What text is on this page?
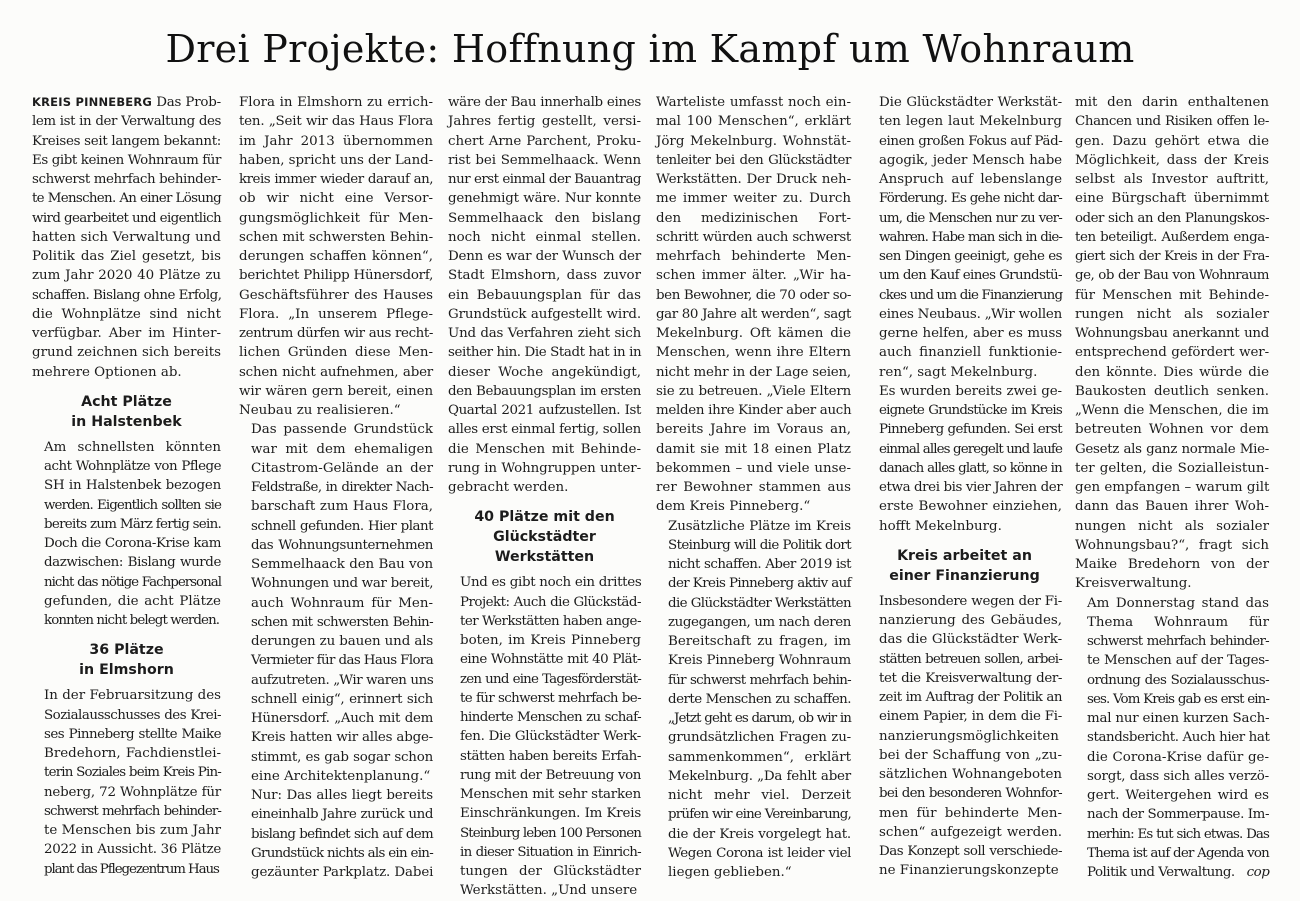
Drei Projekte: Hoffnung im Kampf um Wohnraum

KREIS PINNEBERG Das Prob-
lem ist in der Verwaltung des
Kreises seit langem bekannt:
Es gibt keinen Wohnraum für
schwerst mehrfach behinder-
te Menschen. An einer Lösung
wird gearbeitet und eigentlich
hatten sich Verwaltung und
Politik das Ziel gesetzt, bis
zum Jahr 2020 40 Plätze zu
schaffen. Bislang ohne Erfolg,
die Wohnplätze sind nicht
verfügbar. Aber im Hinter-
grund zeichnen sich bereits
mehrere Optionen ab.

Acht Plätze
in Halstenbek

Am schnellsten könnten
acht Wohnplätze von Pflege
SH in Halstenbek bezogen
werden. Eigentlich sollten sie
bereits zum März fertig sein.
Doch die Corona-Krise kam
dazwischen: Bislang wurde
nicht das nötige Fachpersonal
gefunden, die acht Plätze
konnten nicht belegt werden.

36 Plätze
in Elmshorn

In der Februarsitzung des
Sozialausschusses des Krei-
ses Pinneberg stellte Maike
Bredehorn, Fachdienstlei-
terin Soziales beim Kreis Pin-
neberg, 72 Wohnplätze für
schwerst mehrfach behinder-
te Menschen bis zum Jahr
2022 in Aussicht. 36 Plätze
plant das Pflegezentrum Haus

Flora in Elmshorn zu errich-
ten. „Seit wir das Haus Flora
im Jahr 2013 übernommen
haben, spricht uns der Land-
kreis immer wieder darauf an,
ob wir nicht eine Versor-
gungsmöglichkeit für Men-
schen mit schwersten Behin-
derungen schaffen können“,
berichtet Philipp Hünersdorf,
Geschäftsführer des Hauses
Flora. „In unserem Pflege-
zentrum dürfen wir aus recht-
lichen Gründen diese Men-
schen nicht aufnehmen, aber
wir wären gern bereit, einen
Neubau zu realisieren.“

Das passende Grundstück
war mit dem ehemaligen
Citastrom-Gelände an der
Feldstraße, in direkter Nach-
barschaft zum Haus Flora,
schnell gefunden. Hier plant
das Wohnungsunternehmen
Semmelhaack den Bau von
Wohnungen und war bereit,
auch Wohnraum für Men-
schen mit schwersten Behin-
derungen zu bauen und als
Vermieter für das Haus Flora
aufzutreten. „Wir waren uns
schnell einig“, erinnert sich
Hünersdorf. „Auch mit dem
Kreis hatten wir alles abge-
stimmt, es gab sogar schon
eine Architektenplanung.“

Nur: Das alles liegt bereits
eineinhalb Jahre zurück und
bislang befindet sich auf dem
Grundstück nichts als ein ein-
gezäunter Parkplatz. Dabei

wäre der Bau innerhalb eines
Jahres fertig gestellt, versi-
chert Arne Parchent, Proku-
rist bei Semmelhaack. Wenn
nur erst einmal der Bauantrag
genehmigt wäre. Nur konnte
Semmelhaack den bislang
noch nicht einmal stellen.
Denn es war der Wunsch der
Stadt Elmshorn, dass zuvor
ein Bebauungsplan für das
Grundstück aufgestellt wird.
Und das Verfahren zieht sich
seither hin. Die Stadt hat in in
dieser Woche angekündigt,
den Bebauungsplan im ersten
Quartal 2021 aufzustellen. Ist
alles erst einmal fertig, sollen
die Menschen mit Behinde-
rung in Wohngruppen unter-
gebracht werden.

40 Plätze mit den
Glückstädter Werkstätten

Und es gibt noch ein drittes
Projekt: Auch die Glückstäd-
ter Werkstätten haben ange-
boten, im Kreis Pinneberg
eine Wohnstätte mit 40 Plät-
zen und eine Tagesförderstät-
te für schwerst mehrfach be-
hinderte Menschen zu schaf-
fen. Die Glückstädter Werk-
stätten haben bereits Erfah-
rung mit der Betreuung von
Menschen mit sehr starken
Einschränkungen. Im Kreis
Steinburg leben 100 Personen
in dieser Situation in Einrich-
tungen der Glückstädter
Werkstätten. „Und unsere

Warteliste umfasst noch ein-
mal 100 Menschen“, erklärt
Jörg Mekelnburg. Wohnstät-
tenleiter bei den Glückstädter
Werkstätten. Der Druck neh-
me immer weiter zu. Durch
den medizinischen Fort-
schritt würden auch schwerst
mehrfach behinderte Men-
schen immer älter. „Wir ha-
ben Bewohner, die 70 oder so-
gar 80 Jahre alt werden“, sagt
Mekelnburg. Oft kämen die
Menschen, wenn ihre Eltern
nicht mehr in der Lage seien,
sie zu betreuen. „Viele Eltern
melden ihre Kinder aber auch
bereits Jahre im Voraus an,
damit sie mit 18 einen Platz
bekommen – und viele unse-
rer Bewohner stammen aus
dem Kreis Pinneberg.“

Zusätzliche Plätze im Kreis
Steinburg will die Politik dort
nicht schaffen. Aber 2019 ist
der Kreis Pinneberg aktiv auf
die Glückstädter Werkstätten
zugegangen, um nach deren
Bereitschaft zu fragen, im
Kreis Pinneberg Wohnraum
für schwerst mehrfach behin-
derte Menschen zu schaffen.
„Jetzt geht es darum, ob wir in
grundsätzlichen Fragen zu-
sammenkommen“, erklärt
Mekelnburg. „Da fehlt aber
nicht mehr viel. Derzeit
prüfen wir eine Vereinbarung,
die der Kreis vorgelegt hat.
Wegen Corona ist leider viel
liegen geblieben.“

Die Glückstädter Werkstät-
ten legen laut Mekelnburg
einen großen Fokus auf Päd-
agogik, jeder Mensch habe
Anspruch auf lebenslange
Förderung. Es gehe nicht dar-
um, die Menschen nur zu ver-
wahren. Habe man sich in die-
sen Dingen geeinigt, gehe es
um den Kauf eines Grundstü-
ckes und um die Finanzierung
eines Neubaus. „Wir wollen
gerne helfen, aber es muss
auch finanziell funktionie-
ren“, sagt Mekelnburg.

Es wurden bereits zwei ge-
eignete Grundstücke im Kreis
Pinneberg gefunden. Sei erst
einmal alles geregelt und laufe
danach alles glatt, so könne in
etwa drei bis vier Jahren der
erste Bewohner einziehen,
hofft Mekelnburg.

Kreis arbeitet an
einer Finanzierung

Insbesondere wegen der Fi-
nanzierung des Gebäudes,
das die Glückstädter Werk-
stätten betreuen sollen, arbei-
tet die Kreisverwaltung der-
zeit im Auftrag der Politik an
einem Papier, in dem die Fi-
nanzierungsmöglichkeiten
bei der Schaffung von „zu-
sätzlichen Wohnangeboten
bei den besonderen Wohnfor-
men für behinderte Men-
schen“ aufgezeigt werden.
Das Konzept soll verschiede-
ne Finanzierungskonzepte

mit den darin enthaltenen
Chancen und Risiken offen le-
gen. Dazu gehört etwa die
Möglichkeit, dass der Kreis
selbst als Investor auftritt,
eine Bürgschaft übernimmt
oder sich an den Planungskos-
ten beteiligt. Außerdem enga-
giert sich der Kreis in der Fra-
ge, ob der Bau von Wohnraum
für Menschen mit Behinde-
rungen nicht als sozialer
Wohnungsbau anerkannt und
entsprechend gefördert wer-
den könnte. Dies würde die
Baukosten deutlich senken.
„Wenn die Menschen, die im
betreuten Wohnen vor dem
Gesetz als ganz normale Mie-
ter gelten, die Sozialleistun-
gen empfangen – warum gilt
dann das Bauen ihrer Woh-
nungen nicht als sozialer
Wohnungsbau?“, fragt sich
Maike Bredehorn von der
Kreisverwaltung.

Am Donnerstag stand das
Thema Wohnraum für
schwerst mehrfach behinder-
te Menschen auf der Tages-
ordnung des Sozialausschus-
ses. Vom Kreis gab es erst ein-
mal nur einen kurzen Sach-
standsbericht. Auch hier hat
die Corona-Krise dafür ge-
sorgt, dass sich alles verzö-
gert. Weitergehen wird es
nach der Sommerpause. Im-
merhin: Es tut sich etwas. Das
Thema ist auf der Agenda von
Politik und Verwaltung. cop
